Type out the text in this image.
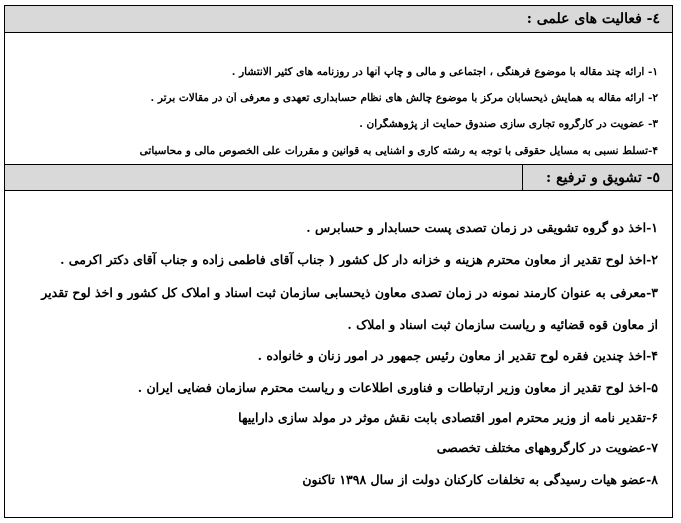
٤- فعالیت های علمی :
۱- ارائه چند مقاله با موضوع فرهنگی ، اجتماعی و مالی و چاپ آنها در روزنامه های کثیر الانتشار .
۲- ارائه مقاله به همایش ذیحسابان مرکز با موضوع چالش های نظام حسابداری تعهدی و معرفی آن در مقالات برتر .
۳- عضویت در کارگروه تجاری سازی صندوق حمایت از پژوهشگران .
۴-تسلط نسبی به مسایل حقوقی با توجه به رشته کاری و اشنایی به قوانین و مقررات علی الخصوص مالی و محاسباتی
٥- تشویق و ترفیع :
۱-اخذ دو گروه تشویقی در زمان تصدی پست حسابدار و حسابرس .
۲-اخذ لوح تقدیر از معاون محترم هزینه و خزانه دار کل کشور ( جناب آقای فاطمی زاده و جناب آقای دکتر اکرمی .
۳-معرفی به عنوان کارمند نمونه در زمان تصدی معاون ذیحسابی سازمان ثبت اسناد و املاک کل کشور و اخذ لوح تقدیر
از معاون قوه قضائیه و ریاست سازمان ثبت اسناد و املاک .
۴-اخذ چندین فقره لوح تقدیر از معاون رئیس جمهور در امور زنان و خانواده .
۵-اخذ لوح تقدیر از معاون وزیر ارتباطات و فناوری اطلاعات و ریاست محترم سازمان فضایی ایران .
۶-تقدیر نامه از وزیر محترم امور اقتصادی بابت نقش موثر در مولد سازی داراییها
۷-عضویت در کارگروههای مختلف تخصصی
۸-عضو هیات رسیدگی به تخلفات کارکنان دولت از سال ۱۳۹۸ تاکنون
